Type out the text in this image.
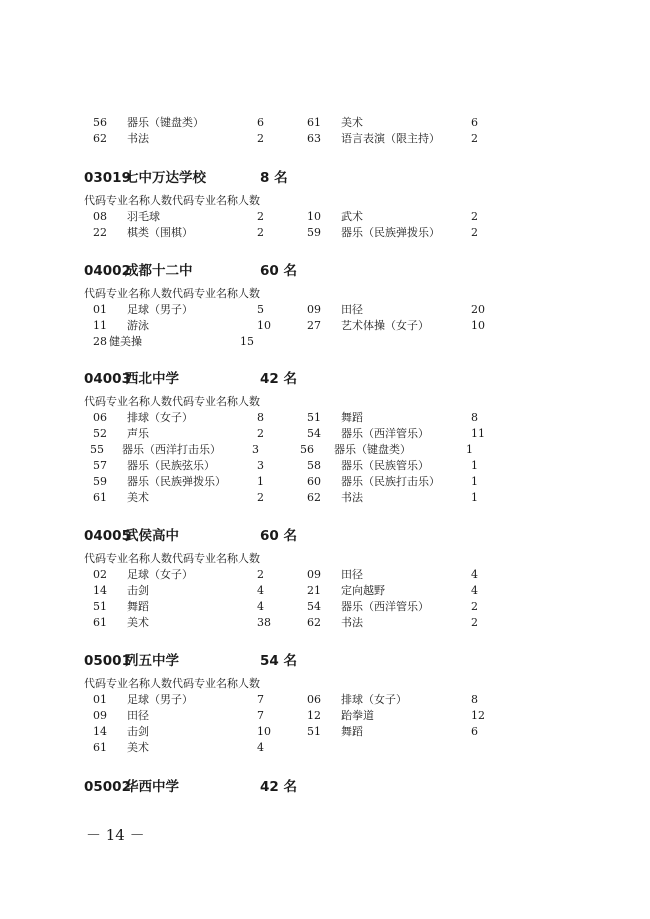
56 器乐（键盘类）	6	61 美术	6
62 书法	2	63 语言表演（限主持）	2
03019
七中万达学校	8 名
代码专业名称人数代码专业名称人数
08 羽毛球	2	10 武术	2
22 棋类（围棋）	2	59 器乐（民族弹拨乐）	2
04002
成都十二中	60 名
代码专业名称人数代码专业名称人数
01 足球（男子）	5	09 田径	20
11 游泳	10	27 艺术体操（女子）	10
28 健美操	15
04003
西北中学	42 名
代码专业名称人数代码专业名称人数
06 排球（女子）	8	51 舞蹈	8
52 声乐	2	54 器乐（西洋管乐）	11
55 器乐（西洋打击乐）	3	56 器乐（键盘类）	1
57 器乐（民族弦乐）	3	58 器乐（民族管乐）	1
59 器乐（民族弹拨乐）	1	60 器乐（民族打击乐）	1
61 美术	2	62 书法	1
04005
武侯高中	60 名
代码专业名称人数代码专业名称人数
02 足球（女子）	2	09 田径	4
14 击剑	4	21 定向越野	4
51 舞蹈	4	54 器乐（西洋管乐）	2
61 美术	38	62 书法	2
05001
列五中学	54 名
代码专业名称人数代码专业名称人数
01 足球（男子）	7	06 排球（女子）	8
09 田径	7	12 跆拳道	12
14 击剑	10	51 舞蹈	6
61 美术	4
05002
华西中学	42 名
－ 14 －
